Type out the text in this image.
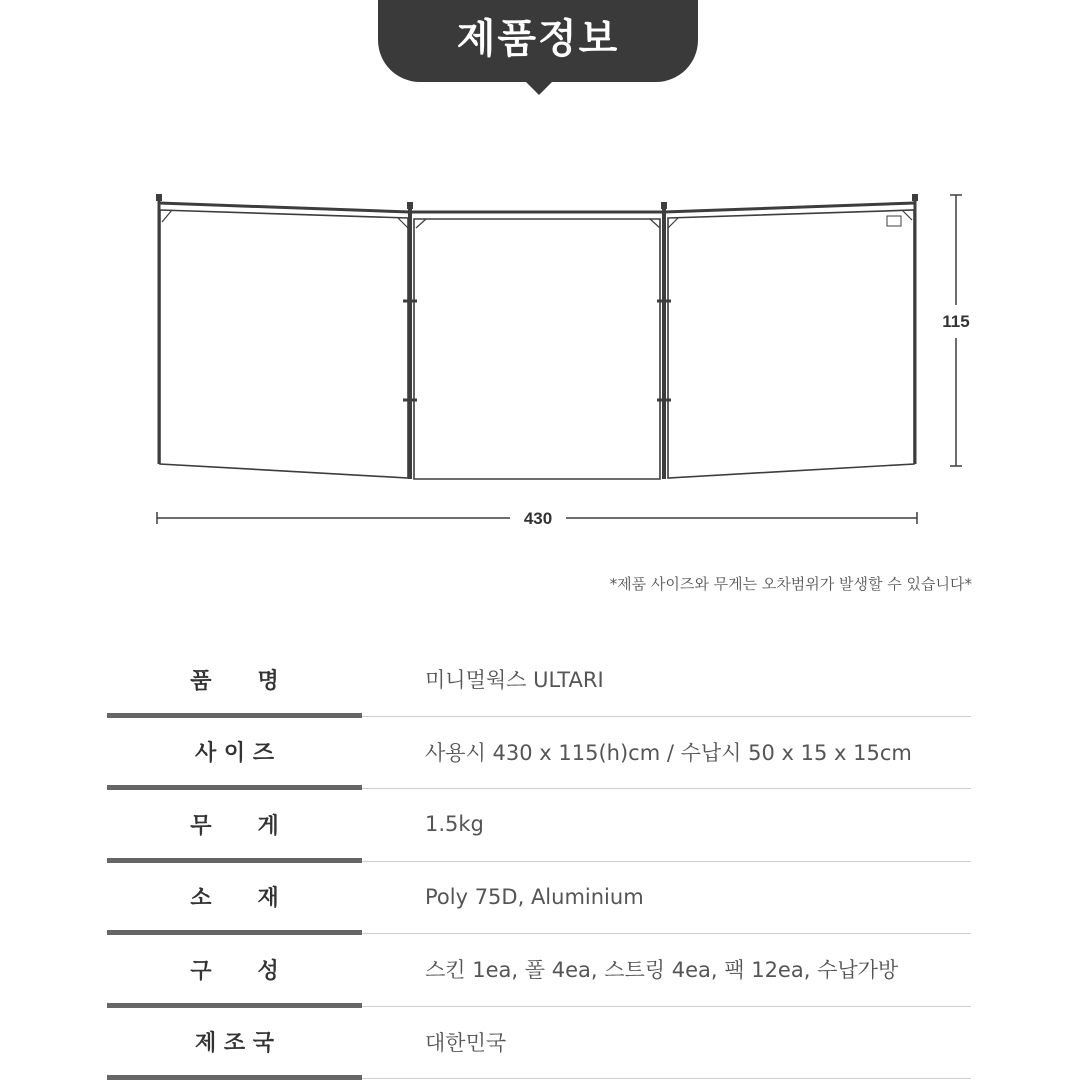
제품정보
115
430
*제품 사이즈와 무게는 오차범위가 발생할 수 있습니다*
품      명	미니멀웍스 ULTARI
사 이 즈	사용시 430 x 115(h)cm / 수납시 50 x 15 x 15cm
무      게	1.5kg
소      재	Poly 75D, Aluminium
구      성	스킨 1ea, 폴 4ea, 스트링 4ea, 팩 12ea, 수납가방
제 조 국	대한민국
